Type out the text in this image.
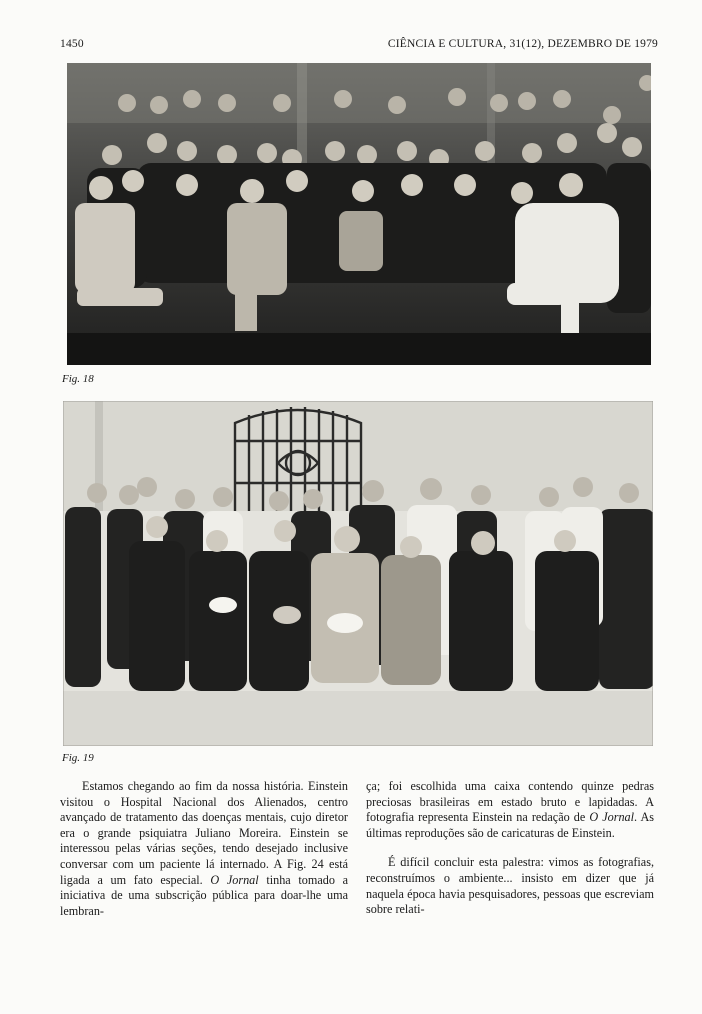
1450	CIÊNCIA E CULTURA, 31(12), DEZEMBRO DE 1979
Fig. 18
Fig. 19

Estamos chegando ao fim da nossa história. Einstein visitou o Hospital Nacional dos Alienados, centro avançado de tratamento das doenças mentais, cujo diretor era o grande psiquiatra Juliano Moreira. Einstein se interessou pelas várias seções, tendo desejado inclusive conversar com um paciente lá internado. A Fig. 24 está ligada a um fato especial. O Jornal tinha tomado a iniciativa de uma subscrição pública para doar-lhe uma lembran-

ça; foi escolhida uma caixa contendo quinze pedras preciosas brasileiras em estado bruto e lapidadas. A fotografia representa Einstein na redação de O Jornal. As últimas reproduções são de caricaturas de Einstein.

É difícil concluir esta palestra: vimos as fotografias, reconstruímos o ambiente... insisto em dizer que já naquela época havia pesquisadores, pessoas que escreviam sobre relati-
